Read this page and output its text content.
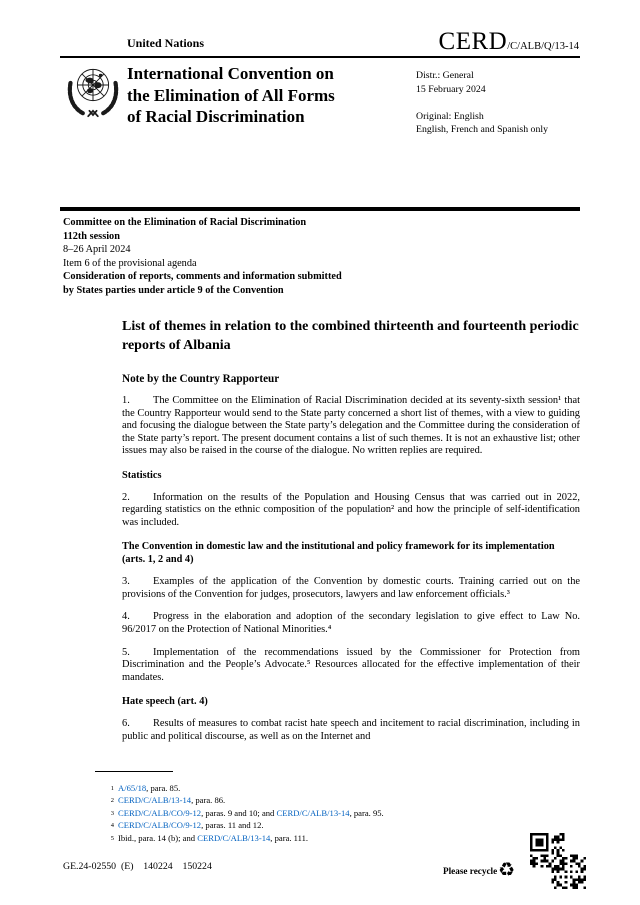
United Nations	CERD/C/ALB/Q/13-14
International Convention on
the Elimination of All Forms
of Racial Discrimination
Distr.: General
15 February 2024
Original: English
English, French and Spanish only
Committee on the Elimination of Racial Discrimination
112th session
8–26 April 2024
Item 6 of the provisional agenda
Consideration of reports, comments and information submitted
by States parties under article 9 of the Convention
List of themes in relation to the combined thirteenth and fourteenth periodic reports of Albania
Note by the Country Rapporteur

1. The Committee on the Elimination of Racial Discrimination decided at its seventy-sixth session¹ that the Country Rapporteur would send to the State party concerned a short list of themes, with a view to guiding and focusing the dialogue between the State party’s delegation and the Committee during the consideration of the State party’s report. The present document contains a list of such themes. It is not an exhaustive list; other issues may also be raised in the course of the dialogue. No written replies are required.

Statistics

2. Information on the results of the Population and Housing Census that was carried out in 2022, regarding statistics on the ethnic composition of the population² and how the principle of self-identification was included.

The Convention in domestic law and the institutional and policy framework for its implementation (arts. 1, 2 and 4)

3. Examples of the application of the Convention by domestic courts. Training carried out on the provisions of the Convention for judges, prosecutors, lawyers and law enforcement officials.³

4. Progress in the elaboration and adoption of the secondary legislation to give effect to Law No. 96/2017 on the Protection of National Minorities.⁴

5. Implementation of the recommendations issued by the Commissioner for Protection from Discrimination and the People’s Advocate.⁵ Resources allocated for the effective implementation of their mandates.

Hate speech (art. 4)

6. Results of measures to combat racist hate speech and incitement to racial discrimination, including in public and political discourse, as well as on the Internet and

1 A/65/18, para. 85.
2 CERD/C/ALB/13-14, para. 86.
3 CERD/C/ALB/CO/9-12, paras. 9 and 10; and CERD/C/ALB/13-14, para. 95.
4 CERD/C/ALB/CO/9-12, paras. 11 and 12.
5 Ibid., para. 14 (b); and CERD/C/ALB/13-14, para. 111.
GE.24-02550  (E)    140224    150224	Please recycle ♻
